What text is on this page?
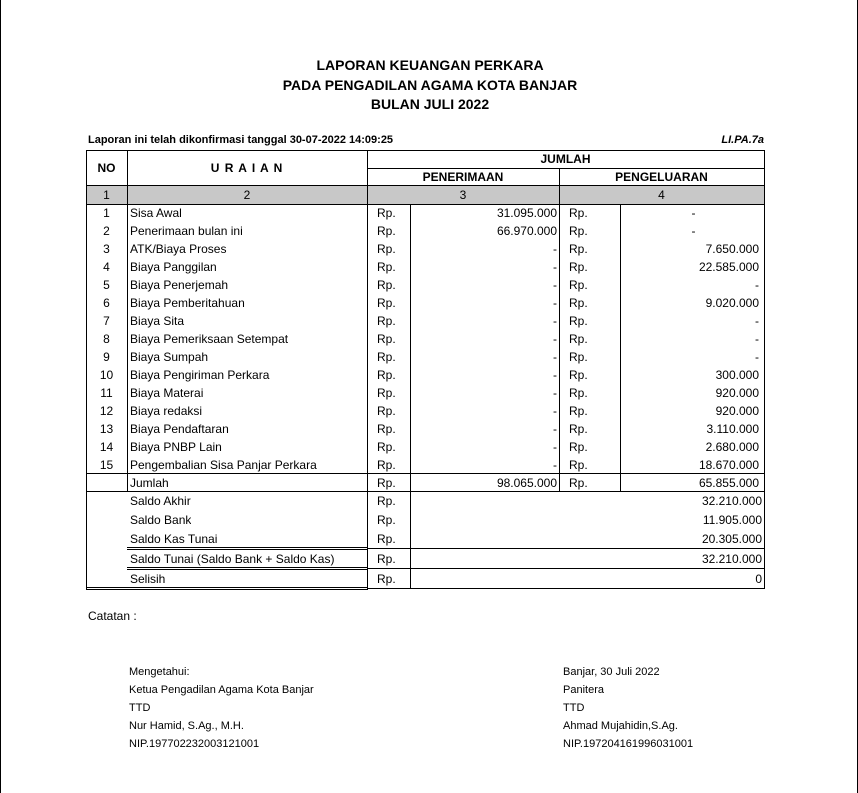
LAPORAN KEUANGAN PERKARA
PADA PENGADILAN AGAMA KOTA BANJAR
BULAN JULI 2022
Laporan ini telah dikonfirmasi tanggal 30-07-2022 14:09:25	LI.PA.7a
NO	U R A I A N
JUMLAH
PENERIMAAN	PENGELUARAN
1	2	3	4
1	Sisa Awal	Rp.	31.095.000 Rp.	-
2	Penerimaan bulan ini	Rp.	66.970.000 Rp.	-
3	ATK/Biaya Proses	Rp.	- Rp.	7.650.000
4	Biaya Panggilan	Rp.	- Rp.	22.585.000
5	Biaya Penerjemah	Rp.	- Rp.	-
6	Biaya Pemberitahuan	Rp.	- Rp.	9.020.000
7	Biaya Sita	Rp.	- Rp.	-
8	Biaya Pemeriksaan Setempat	Rp.	- Rp.	-
9	Biaya Sumpah	Rp.	- Rp.	-
10	Biaya Pengiriman Perkara	Rp.	- Rp.	300.000
11	Biaya Materai	Rp.	- Rp.	920.000
12	Biaya redaksi	Rp.	- Rp.	920.000
13	Biaya Pendaftaran	Rp.	- Rp.	3.110.000
14	Biaya PNBP Lain	Rp.	- Rp.	2.680.000
15	Pengembalian Sisa Panjar Perkara	Rp.	- Rp.	18.670.000
Jumlah	Rp.	98.065.000 Rp.	65.855.000
Saldo Akhir	Rp.	32.210.000
Saldo Bank	Rp.	11.905.000
Saldo Kas Tunai	Rp.	20.305.000
Saldo Tunai (Saldo Bank + Saldo Kas)	Rp.	32.210.000
Selisih	Rp.	0
Catatan :
Mengetahui:
Ketua Pengadilan Agama Kota Banjar
TTD
Nur Hamid, S.Ag., M.H.
NIP.197702232003121001
Banjar, 30 Juli 2022
Panitera
TTD
Ahmad Mujahidin,S.Ag.
NIP.197204161996031001
